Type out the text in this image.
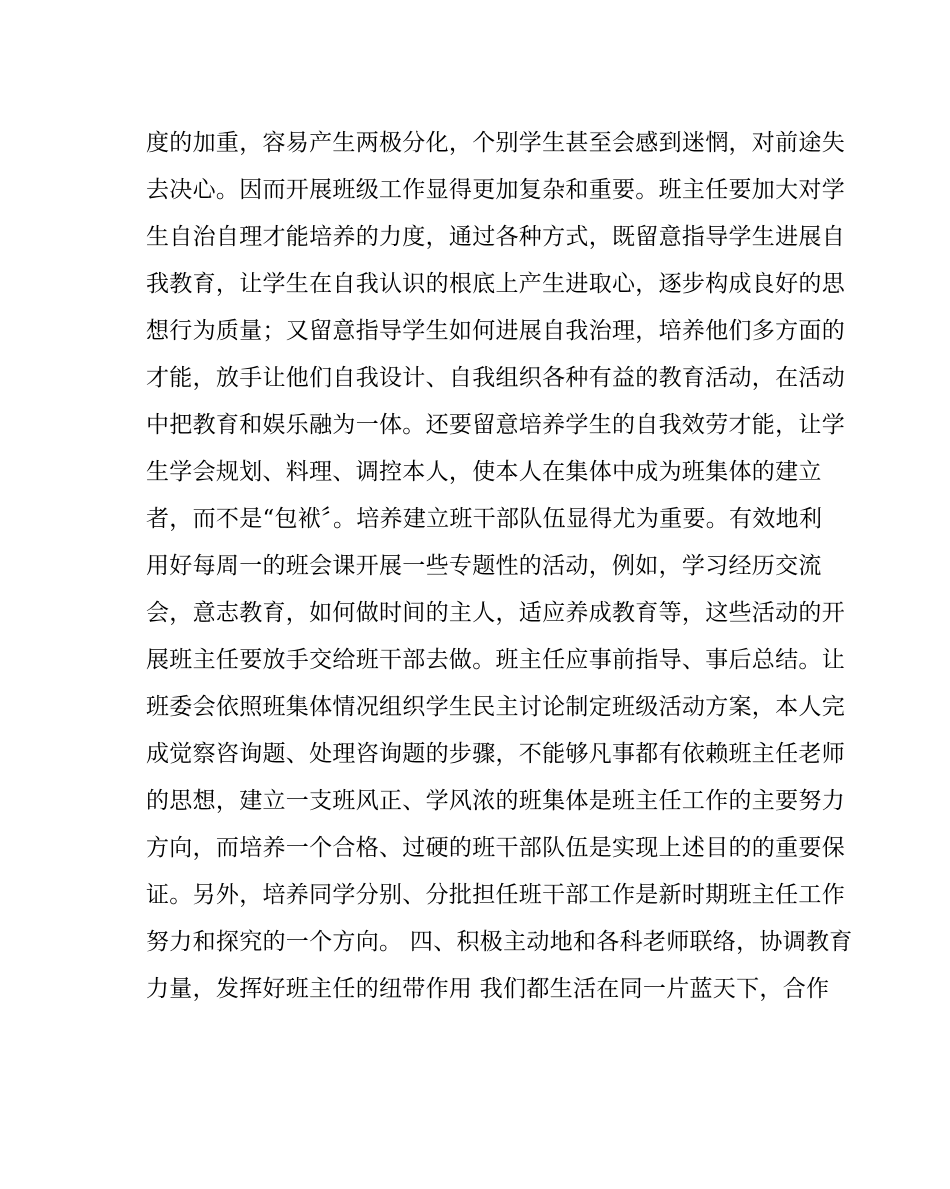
度的加重，容易产生两极分化，个别学生甚至会感到迷惘，对前途失
去决心。因而开展班级工作显得更加复杂和重要。班主任要加大对学
生自治自理才能培养的力度，通过各种方式，既留意指导学生进展自
我教育，让学生在自我认识的根底上产生进取心，逐步构成良好的思
想行为质量；又留意指导学生如何进展自我治理，培养他们多方面的
才能，放手让他们自我设计、自我组织各种有益的教育活动，在活动
中把教育和娱乐融为一体。还要留意培养学生的自我效劳才能，让学
生学会规划、料理、调控本人，使本人在集体中成为班集体的建立
者，而不是“包袱〞。培养建立班干部队伍显得尤为重要。有效地利
用好每周一的班会课开展一些专题性的活动，例如，学习经历交流
会，意志教育，如何做时间的主人，适应养成教育等，这些活动的开
展班主任要放手交给班干部去做。班主任应事前指导、事后总结。让
班委会依照班集体情况组织学生民主讨论制定班级活动方案，本人完
成觉察咨询题、处理咨询题的步骤，不能够凡事都有依赖班主任老师
的思想，建立一支班风正、学风浓的班集体是班主任工作的主要努力
方向，而培养一个合格、过硬的班干部队伍是实现上述目的的重要保
证。另外，培养同学分别、分批担任班干部工作是新时期班主任工作
努力和探究的一个方向。 四、积极主动地和各科老师联络，协调教育
力量，发挥好班主任的纽带作用 我们都生活在同一片蓝天下，合作
